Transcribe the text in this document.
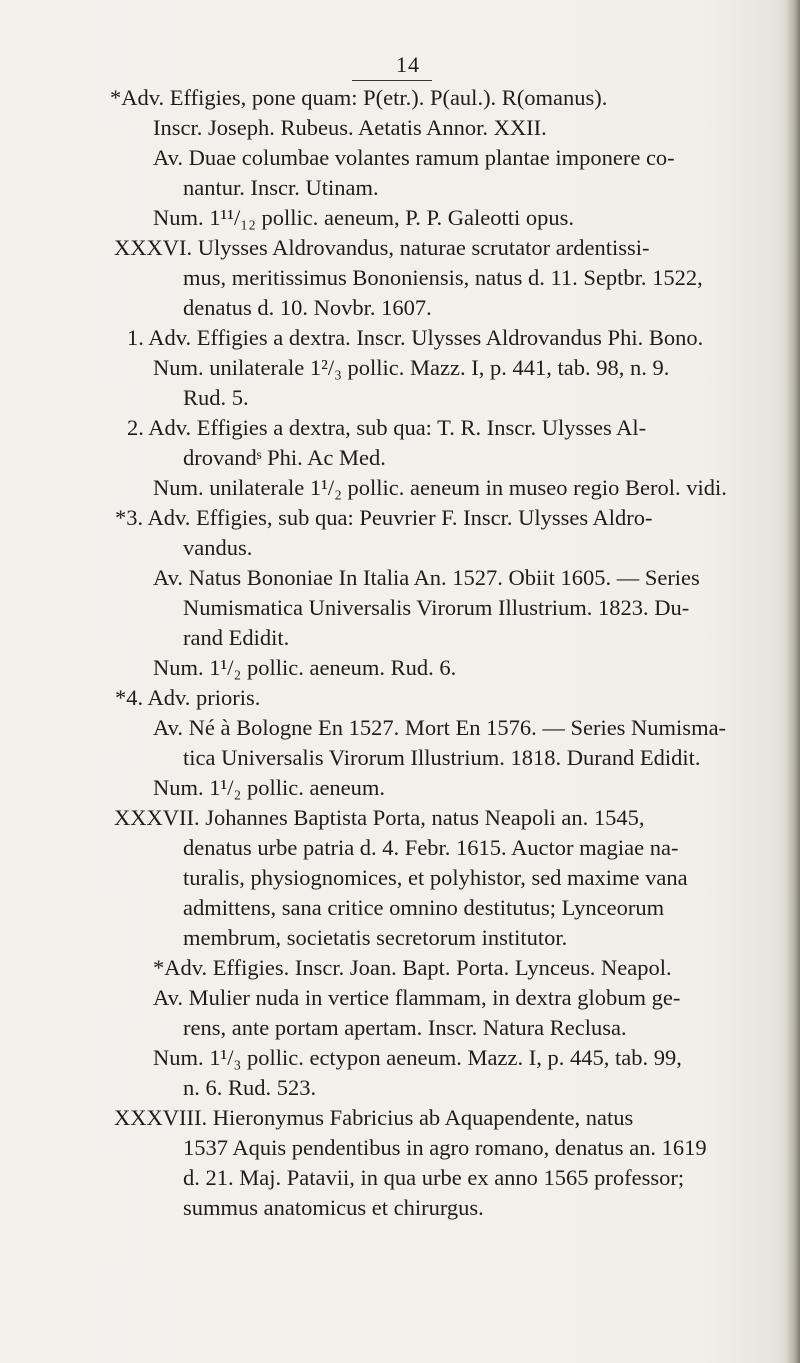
14
*Adv. Effigies, pone quam: P(etr.). P(aul.). R(omanus).
Inscr. Joseph. Rubeus. Aetatis Annor. XXII.
Av. Duae columbae volantes ramum plantae imponere co-
nantur. Inscr. Utinam.
Num. 1¹¹/₁₂ pollic. aeneum, P. P. Galeotti opus.
XXXVI. Ulysses Aldrovandus, naturae scrutator ardentissi-
mus, meritissimus Bononiensis, natus d. 11. Septbr. 1522,
denatus d. 10. Novbr. 1607.
1. Adv. Effigies a dextra. Inscr. Ulysses Aldrovandus Phi. Bono.
Num. unilaterale 1²/₃ pollic. Mazz. I, p. 441, tab. 98, n. 9.
Rud. 5.
2. Adv. Effigies a dextra, sub qua: T. R. Inscr. Ulysses Al-
drovandˢ Phi. Ac Med.
Num. unilaterale 1¹/₂ pollic. aeneum in museo regio Berol. vidi.
*3. Adv. Effigies, sub qua: Peuvrier F. Inscr. Ulysses Aldro-
vandus.
Av. Natus Bononiae In Italia An. 1527. Obiit 1605. — Series
Numismatica Universalis Virorum Illustrium. 1823. Du-
rand Edidit.
Num. 1¹/₂ pollic. aeneum. Rud. 6.
*4. Adv. prioris.
Av. Né à Bologne En 1527. Mort En 1576. — Series Numisma-
tica Universalis Virorum Illustrium. 1818. Durand Edidit.
Num. 1¹/₂ pollic. aeneum.
XXXVII. Johannes Baptista Porta, natus Neapoli an. 1545,
denatus urbe patria d. 4. Febr. 1615. Auctor magiae na-
turalis, physiognomices, et polyhistor, sed maxime vana
admittens, sana critice omnino destitutus; Lynceorum
membrum, societatis secretorum institutor.
*Adv. Effigies. Inscr. Joan. Bapt. Porta. Lynceus. Neapol.
Av. Mulier nuda in vertice flammam, in dextra globum ge-
rens, ante portam apertam. Inscr. Natura Reclusa.
Num. 1¹/₃ pollic. ectypon aeneum. Mazz. I, p. 445, tab. 99,
n. 6. Rud. 523.
XXXVIII. Hieronymus Fabricius ab Aquapendente, natus
1537 Aquis pendentibus in agro romano, denatus an. 1619
d. 21. Maj. Patavii, in qua urbe ex anno 1565 professor;
summus anatomicus et chirurgus.
